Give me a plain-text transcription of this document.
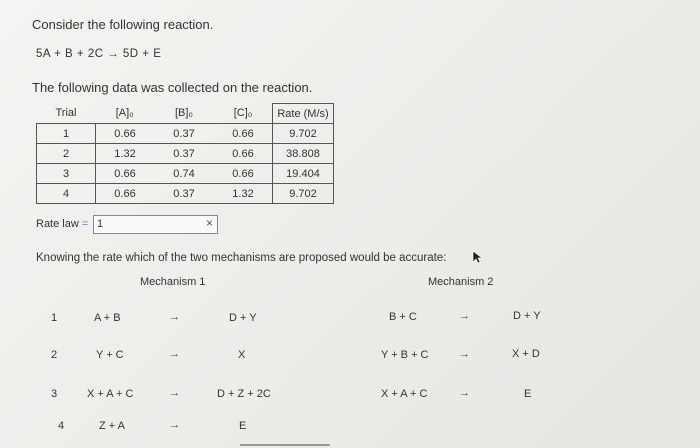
Consider the following reaction.
5A + B + 2C → 5D + E
The following data was collected on the reaction.
Trial	[A]₀	[B]₀	[C]₀	Rate (M/s)
1	0.66	0.37	0.66	9.702
2	1.32	0.37	0.66	38.808
3	0.66	0.74	0.66	19.404
4	0.66	0.37	1.32	9.702
Rate law = 1	×
Knowing the rate which of the two mechanisms are proposed would be accurate:
Mechanism 1	Mechanism 2
1	A + B	→	D + Y
2	Y + C	→	X
3	X + A + C	→	D + Z + 2C
4	Z + A	→	E
B + C	→	D + Y
Y + B + C	→	X + D
X + A + C	→	E
